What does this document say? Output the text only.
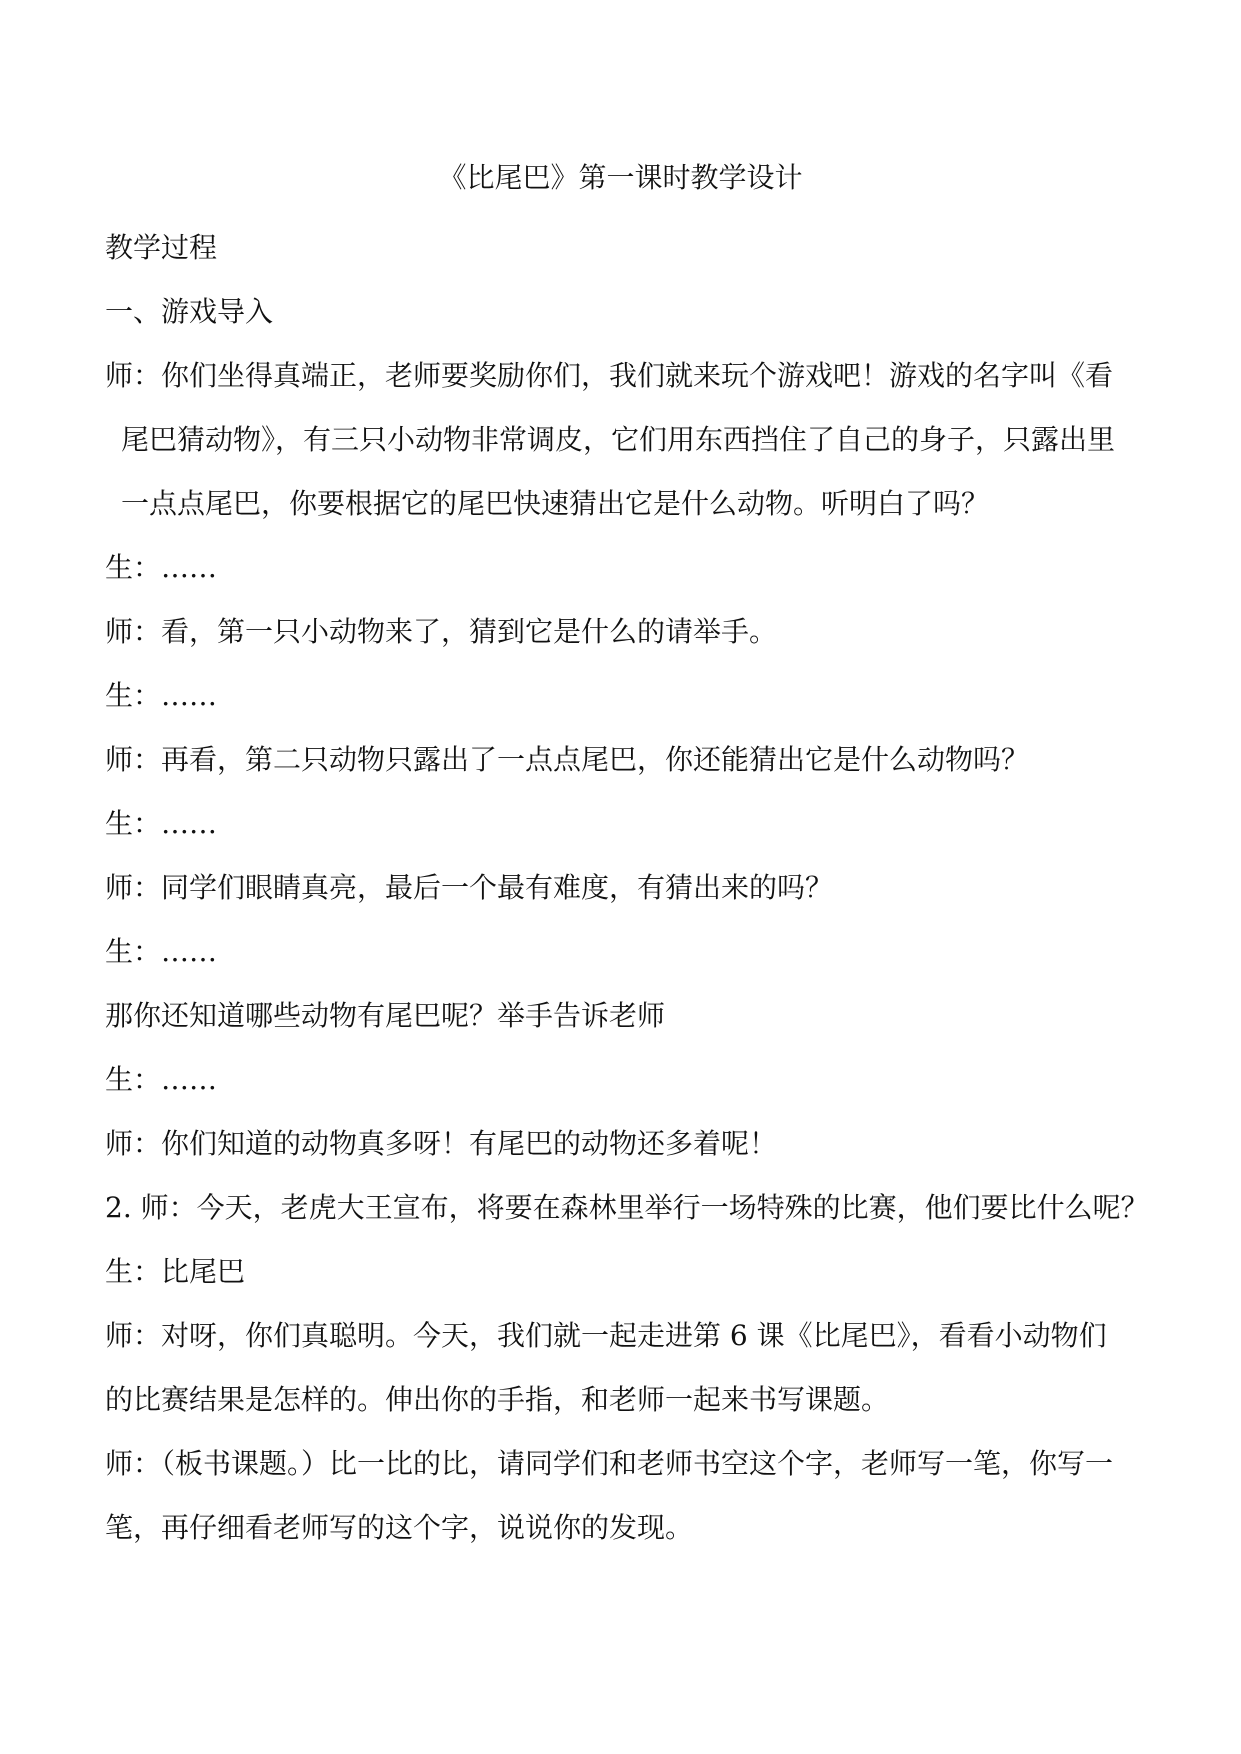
《比尾巴》第一课时教学设计
教学过程
一、游戏导入
师：你们坐得真端正，老师要奖励你们，我们就来玩个游戏吧！游戏的名字叫《看
尾巴猜动物》，有三只小动物非常调皮，它们用东西挡住了自己的身子，只露出里
一点点尾巴，你要根据它的尾巴快速猜出它是什么动物。听明白了吗？
生：……
师：看，第一只小动物来了，猜到它是什么的请举手。
生：……
师：再看，第二只动物只露出了一点点尾巴，你还能猜出它是什么动物吗？
生：……
师：同学们眼睛真亮，最后一个最有难度，有猜出来的吗？
生：……
那你还知道哪些动物有尾巴呢？举手告诉老师
生：……
师：你们知道的动物真多呀！有尾巴的动物还多着呢！
2. 师：今天，老虎大王宣布，将要在森林里举行一场特殊的比赛，他们要比什么呢？
生：比尾巴
师：对呀，你们真聪明。今天，我们就一起走进第 6 课《比尾巴》，看看小动物们
的比赛结果是怎样的。伸出你的手指，和老师一起来书写课题。
师：（板书课题。）比一比的比，请同学们和老师书空这个字，老师写一笔，你写一
笔，再仔细看老师写的这个字，说说你的发现。
